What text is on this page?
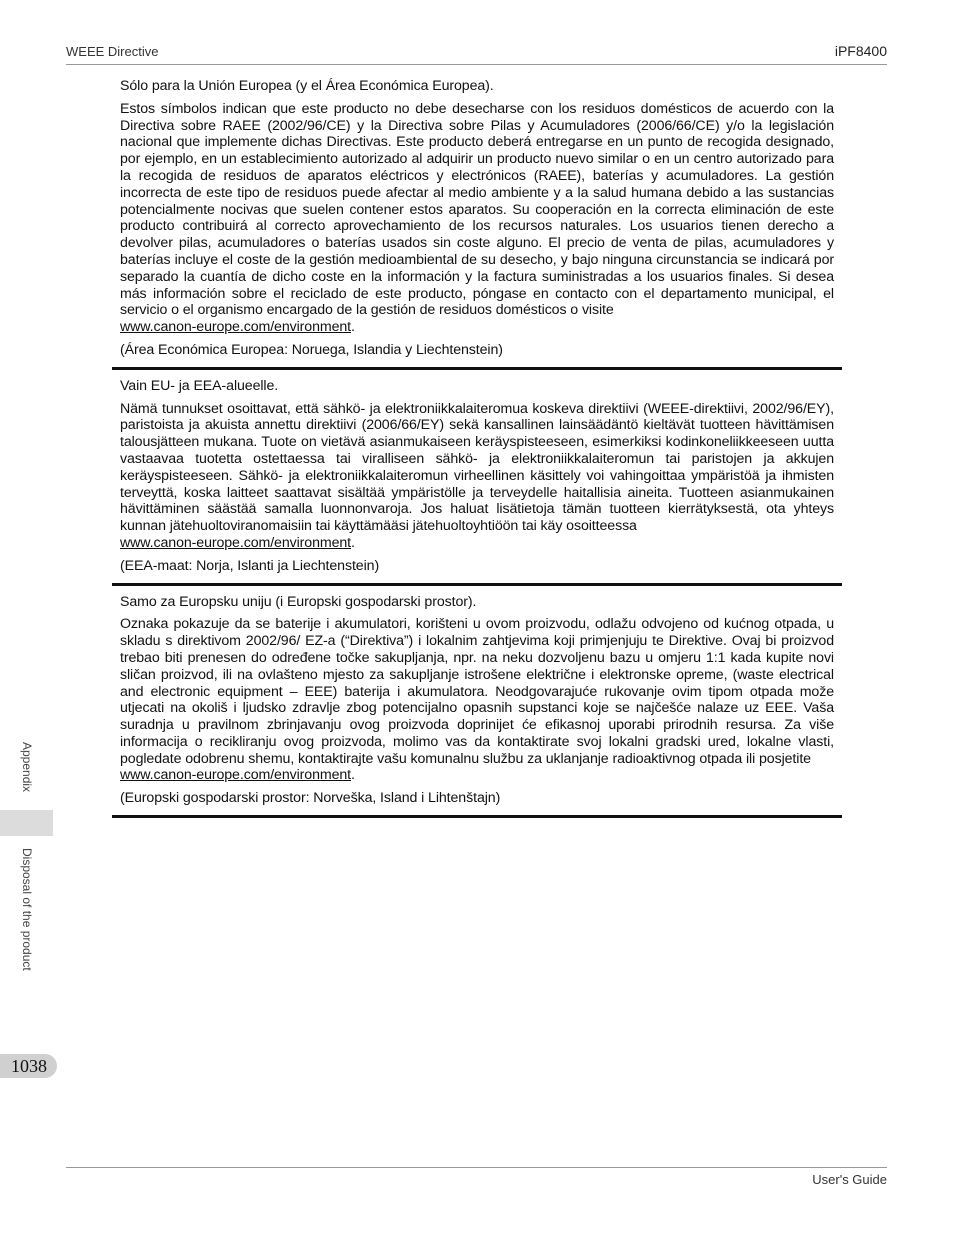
WEEE Directive	iPF8400

Sólo para la Unión Europea (y el Área Económica Europea).

Estos símbolos indican que este producto no debe desecharse con los residuos domésticos de acuerdo con la Directiva sobre RAEE (2002/96/CE) y la Directiva sobre Pilas y Acumuladores (2006/66/CE) y/o la legislación nacional que implemente dichas Directivas. Este producto deberá entregarse en un punto de recogida designado, por ejemplo, en un establecimiento autorizado al adquirir un producto nuevo similar o en un centro autorizado para la recogida de residuos de aparatos eléctricos y electrónicos (RAEE), baterías y acumuladores. La gestión incorrecta de este tipo de residuos puede afectar al medio ambiente y a la salud humana debido a las sustancias potencialmente nocivas que suelen contener estos aparatos. Su cooperación en la correcta eliminación de este producto contribuirá al correcto aprovechamiento de los recursos naturales. Los usuarios tienen derecho a devolver pilas, acumuladores o baterías usados sin coste alguno. El precio de venta de pilas, acumuladores y baterías incluye el coste de la gestión medioambiental de su desecho, y bajo ninguna circunstancia se indicará por separado la cuantía de dicho coste en la información y la factura suministradas a los usuarios finales. Si desea más información sobre el reciclado de este producto, póngase en contacto con el departamento municipal, el servicio o el organismo encargado de la gestión de residuos domésticos o visite
www.canon-europe.com/environment.

(Área Económica Europea: Noruega, Islandia y Liechtenstein)

Vain EU- ja EEA-alueelle.

Nämä tunnukset osoittavat, että sähkö- ja elektroniikkalaiteromua koskeva direktiivi (WEEE-direktiivi, 2002/96/EY), paristoista ja akuista annettu direktiivi (2006/66/EY) sekä kansallinen lainsäädäntö kieltävät tuotteen hävittämisen talousjätteen mukana. Tuote on vietävä asianmukaiseen keräyspisteeseen, esimerkiksi kodinkoneliikkeeseen uutta vastaavaa tuotetta ostettaessa tai viralliseen sähkö- ja elektroniikkalaiteromun tai paristojen ja akkujen keräyspisteeseen. Sähkö- ja elektroniikkalaiteromun virheellinen käsittely voi vahingoittaa ympäristöä ja ihmisten terveyttä, koska laitteet saattavat sisältää ympäristölle ja terveydelle haitallisia aineita. Tuotteen asianmukainen hävittäminen säästää samalla luonnonvaroja. Jos haluat lisätietoja tämän tuotteen kierrätyksestä, ota yhteys kunnan jätehuoltoviranomaisiin tai käyttämääsi jätehuoltoyhtiöön tai käy osoitteessa
www.canon-europe.com/environment.

(EEA-maat: Norja, Islanti ja Liechtenstein)

Samo za Europsku uniju (i Europski gospodarski prostor).

Oznaka pokazuje da se baterije i akumulatori, korišteni u ovom proizvodu, odlažu odvojeno od kućnog otpada, u skladu s direktivom 2002/96/ EZ-a (“Direktiva”) i lokalnim zahtjevima koji primjenjuju te Direktive. Ovaj bi proizvod trebao biti prenesen do određene točke sakupljanja, npr. na neku dozvoljenu bazu u omjeru 1:1 kada kupite novi sličan proizvod, ili na ovlašteno mjesto za sakupljanje istrošene električne i elektronske opreme, (waste electrical and electronic equipment – EEE) baterija i akumulatora. Neodgovarajuće rukovanje ovim tipom otpada može utjecati na okoliš i ljudsko zdravlje zbog potencijalno opasnih supstanci koje se najčešće nalaze uz EEE. Vaša suradnja u pravilnom zbrinjavanju ovog proizvoda doprinijet će efikasnoj uporabi prirodnih resursa. Za više informacija o recikliranju ovog proizvoda, molimo vas da kontaktirate svoj lokalni gradski ured, lokalne vlasti, pogledate odobrenu shemu, kontaktirajte vašu komunalnu službu za uklanjanje radioaktivnog otpada ili posjetite
www.canon-europe.com/environment.

(Europski gospodarski prostor: Norveška, Island i Lihtenštajn)

Appendix
Disposal of the product
1038
User's Guide
